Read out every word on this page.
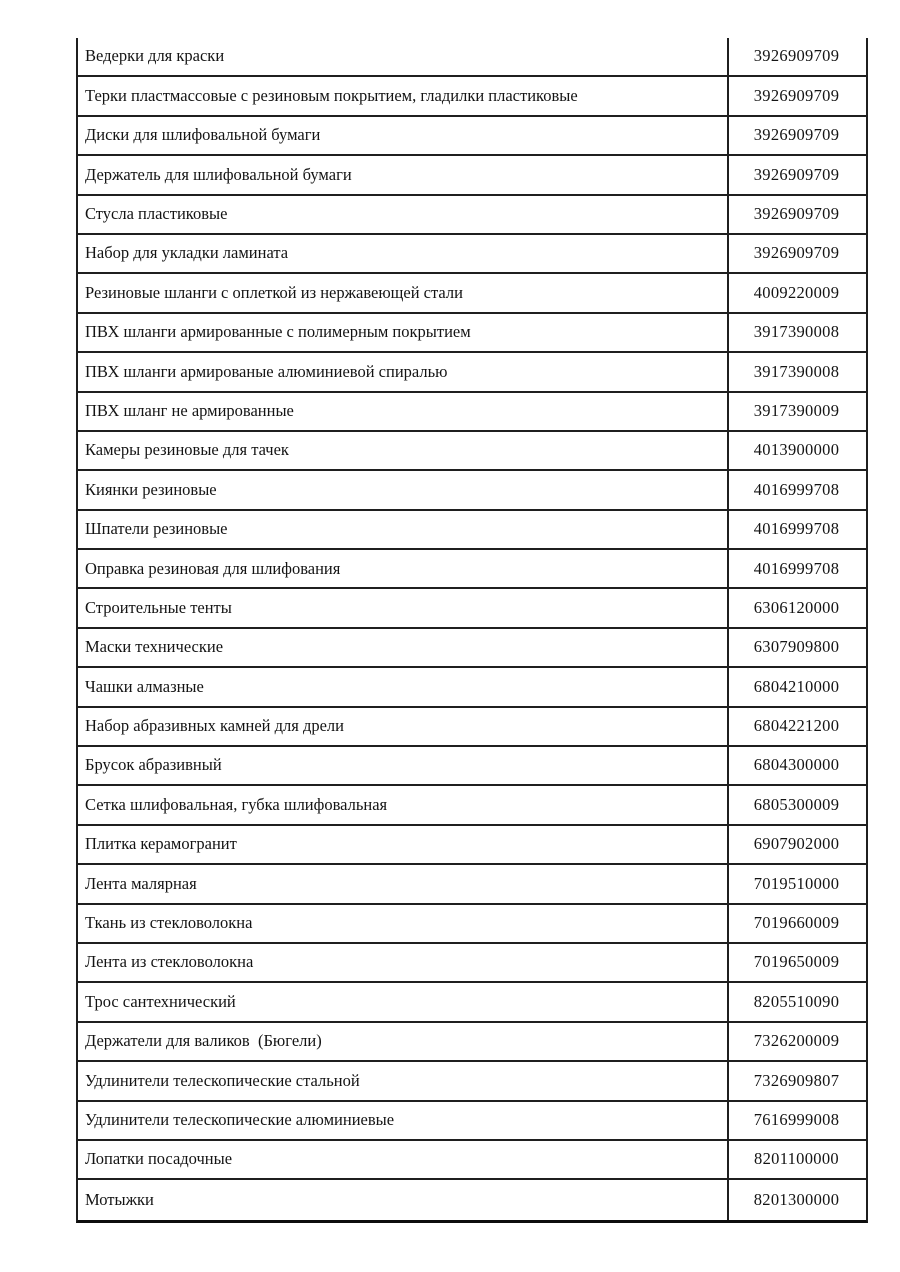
Ведерки для краски	3926909709
Терки пластмассовые с резиновым покрытием, гладилки пластиковые	3926909709
Диски для шлифовальной бумаги	3926909709
Держатель для шлифовальной бумаги	3926909709
Стусла пластиковые	3926909709
Набор для укладки ламината	3926909709
Резиновые шланги с оплеткой из нержавеющей стали	4009220009
ПВХ шланги армированные с полимерным покрытием	3917390008
ПВХ шланги армированые алюминиевой спиралью	3917390008
ПВХ шланг не армированные	3917390009
Камеры резиновые для тачек	4013900000
Киянки резиновые	4016999708
Шпатели резиновые	4016999708
Оправка резиновая для шлифования	4016999708
Строительные тенты	6306120000
Маски технические	6307909800
Чашки алмазные	6804210000
Набор абразивных камней для дрели	6804221200
Брусок абразивный	6804300000
Сетка шлифовальная, губка шлифовальная	6805300009
Плитка керамогранит	6907902000
Лента малярная	7019510000
Ткань из стекловолокна	7019660009
Лента из стекловолокна	7019650009
Трос сантехнический	8205510090
Держатели для валиков  (Бюгели)	7326200009
Удлинители телескопические стальной	7326909807
Удлинители телескопические алюминиевые	7616999008
Лопатки посадочные	8201100000
Мотыжки	8201300000
